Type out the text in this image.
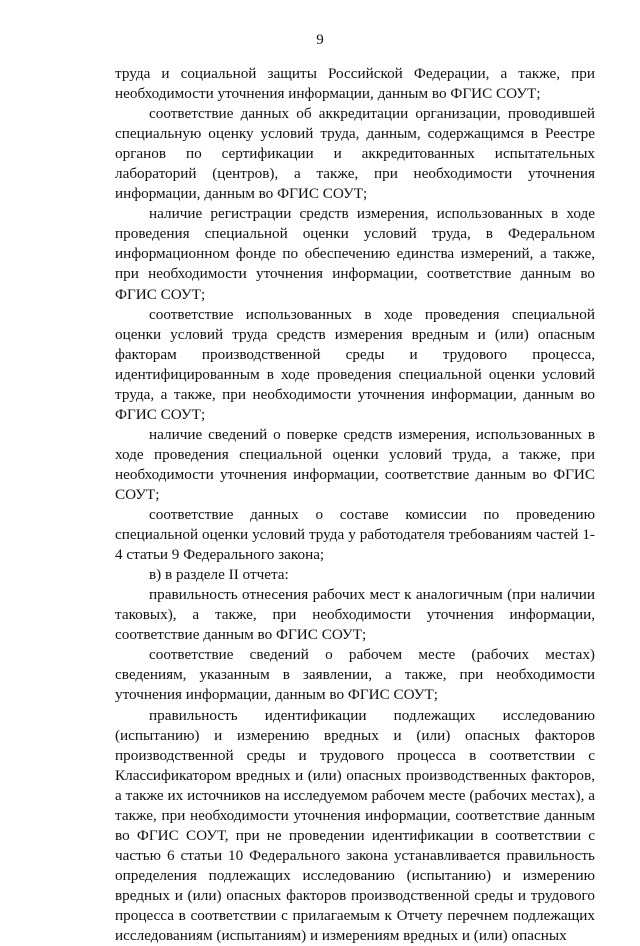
9

труда и социальной защиты Российской Федерации, а также, при необходимости уточнения информации, данным во ФГИС СОУТ;

соответствие данных об аккредитации организации, проводившей специальную оценку условий труда, данным, содержащимся в Реестре органов по сертификации и аккредитованных испытательных лабораторий (центров), а также, при необходимости уточнения информации, данным во ФГИС СОУТ;

наличие регистрации средств измерения, использованных в ходе проведения специальной оценки условий труда, в Федеральном информационном фонде по обеспечению единства измерений, а также, при необходимости уточнения информации, соответствие данным во ФГИС СОУТ;

соответствие использованных в ходе проведения специальной оценки условий труда средств измерения вредным и (или) опасным факторам производственной среды и трудового процесса, идентифицированным в ходе проведения специальной оценки условий труда, а также, при необходимости уточнения информации, данным во ФГИС СОУТ;

наличие сведений о поверке средств измерения, использованных в ходе проведения специальной оценки условий труда, а также, при необходимости уточнения информации, соответствие данным во ФГИС СОУТ;

соответствие данных о составе комиссии по проведению специальной оценки условий труда у работодателя требованиям частей 1-4 статьи 9 Федерального закона;

в) в разделе II отчета:

правильность отнесения рабочих мест к аналогичным (при наличии таковых), а также, при необходимости уточнения информации, соответствие данным во ФГИС СОУТ;

соответствие сведений о рабочем месте (рабочих местах) сведениям, указанным в заявлении, а также, при необходимости уточнения информации, данным во ФГИС СОУТ;

правильность идентификации подлежащих исследованию (испытанию) и измерению вредных и (или) опасных факторов производственной среды и трудового процесса в соответствии с Классификатором вредных и (или) опасных производственных факторов, а также их источников на исследуемом рабочем месте (рабочих местах), а также, при необходимости уточнения информации, соответствие данным во ФГИС СОУТ, при не проведении идентификации в соответствии с частью 6 статьи 10 Федерального закона устанавливается правильность определения подлежащих исследованию (испытанию) и измерению вредных и (или) опасных факторов производственной среды и трудового процесса в соответствии с прилагаемым к Отчету перечнем подлежащих исследованиям (испытаниям) и измерениям вредных и (или) опасных
